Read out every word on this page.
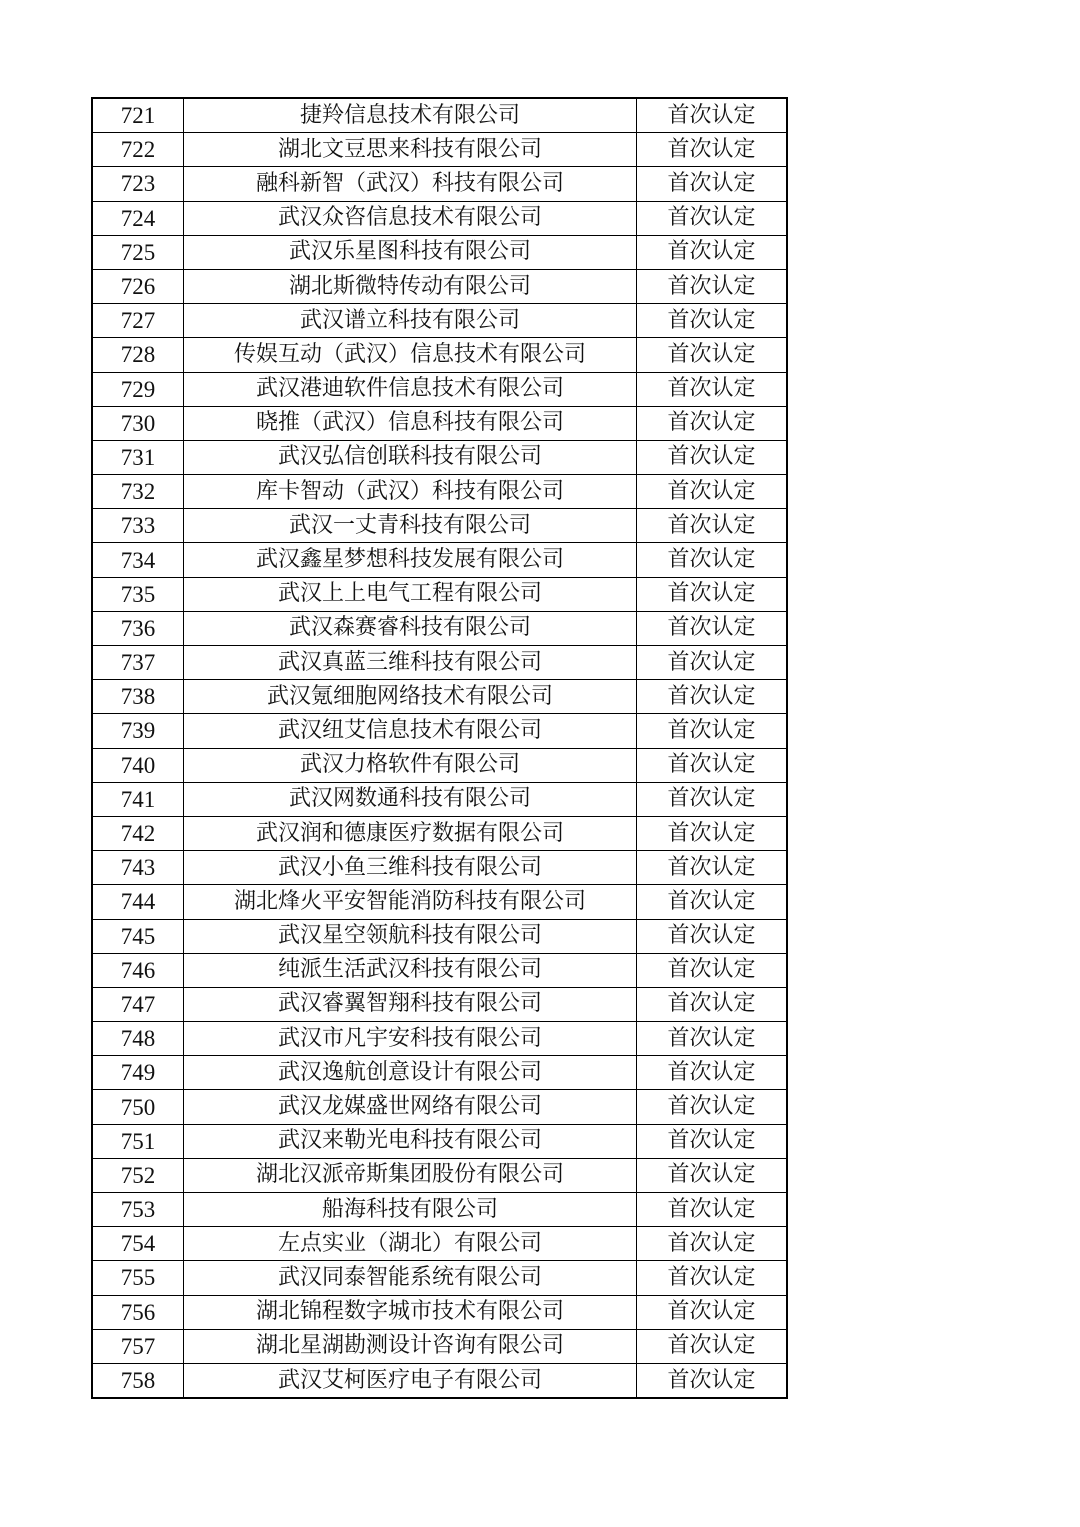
721	捷羚信息技术有限公司	首次认定
722	湖北文豆思来科技有限公司	首次认定
723	融科新智（武汉）科技有限公司	首次认定
724	武汉众咨信息技术有限公司	首次认定
725	武汉乐星图科技有限公司	首次认定
726	湖北斯微特传动有限公司	首次认定
727	武汉谱立科技有限公司	首次认定
728	传娱互动（武汉）信息技术有限公司	首次认定
729	武汉港迪软件信息技术有限公司	首次认定
730	晓推（武汉）信息科技有限公司	首次认定
731	武汉弘信创联科技有限公司	首次认定
732	库卡智动（武汉）科技有限公司	首次认定
733	武汉一丈青科技有限公司	首次认定
734	武汉鑫星梦想科技发展有限公司	首次认定
735	武汉上上电气工程有限公司	首次认定
736	武汉森赛睿科技有限公司	首次认定
737	武汉真蓝三维科技有限公司	首次认定
738	武汉氪细胞网络技术有限公司	首次认定
739	武汉纽艾信息技术有限公司	首次认定
740	武汉力格软件有限公司	首次认定
741	武汉网数通科技有限公司	首次认定
742	武汉润和德康医疗数据有限公司	首次认定
743	武汉小鱼三维科技有限公司	首次认定
744	湖北烽火平安智能消防科技有限公司	首次认定
745	武汉星空领航科技有限公司	首次认定
746	纯派生活武汉科技有限公司	首次认定
747	武汉睿翼智翔科技有限公司	首次认定
748	武汉市凡宇安科技有限公司	首次认定
749	武汉逸航创意设计有限公司	首次认定
750	武汉龙媒盛世网络有限公司	首次认定
751	武汉来勒光电科技有限公司	首次认定
752	湖北汉派帝斯集团股份有限公司	首次认定
753	船海科技有限公司	首次认定
754	左点实业（湖北）有限公司	首次认定
755	武汉同泰智能系统有限公司	首次认定
756	湖北锦程数字城市技术有限公司	首次认定
757	湖北星湖勘测设计咨询有限公司	首次认定
758	武汉艾柯医疗电子有限公司	首次认定
